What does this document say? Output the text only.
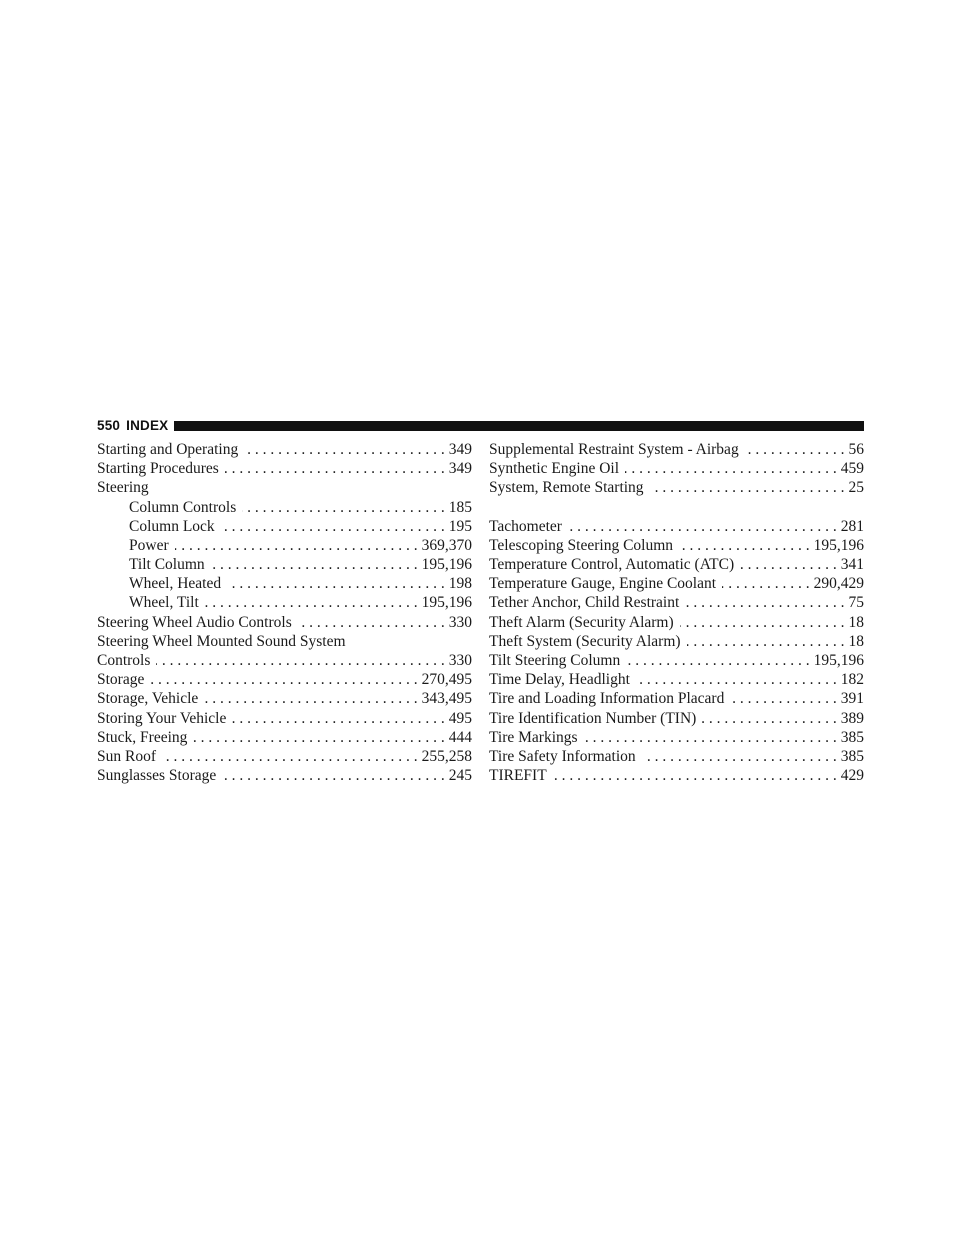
550 INDEX
Starting and Operating . . .	349
Starting Procedures . . .	349
Steering
Column Controls . . .	185
Column Lock . . .	195
Power . . .	369,370
Tilt Column . . .	195,196
Wheel, Heated . . .	198
Wheel, Tilt . . .	195,196
Steering Wheel Audio Controls . . .	330
Steering Wheel Mounted Sound System
Controls . . .	330
Storage . . .	270,495
Storage, Vehicle . . .	343,495
Storing Your Vehicle . . .	495
Stuck, Freeing . . .	444
Sun Roof . . .	255,258
Sunglasses Storage . . .	245
Supplemental Restraint System - Airbag . . .	56
Synthetic Engine Oil . . .	459
System, Remote Starting . . .	25
Tachometer . . .	281
Telescoping Steering Column . . .	195,196
Temperature Control, Automatic (ATC) . . .	341
Temperature Gauge, Engine Coolant . . .	290,429
Tether Anchor, Child Restraint . . .	75
Theft Alarm (Security Alarm) . . .	18
Theft System (Security Alarm) . . .	18
Tilt Steering Column . . .	195,196
Time Delay, Headlight . . .	182
Tire and Loading Information Placard . . .	391
Tire Identification Number (TIN) . . .	389
Tire Markings . . .	385
Tire Safety Information . . .	385
TIREFIT . . .	429
